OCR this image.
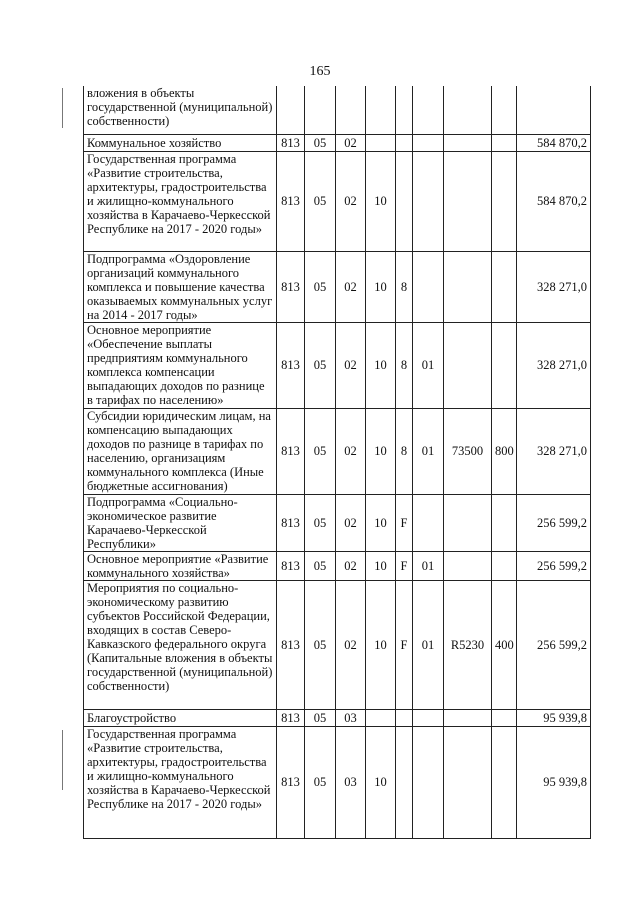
165
вложения в объекты государственной (муниципальной) собственности)									
Коммунальное хозяйство	813	05	02						584 870,2
Государственная программа «Развитие строительства, архитектуры, градостроительства и жилищно-коммунального хозяйства в Карачаево-Черкесской Республике на 2017 - 2020 годы»	813	05	02	10					584 870,2
Подпрограмма «Оздоровление организаций коммунального комплекса и повышение качества оказываемых коммунальных услуг на 2014 - 2017 годы»	813	05	02	10	8				328 271,0
Основное мероприятие «Обеспечение выплаты предприятиям коммунального комплекса компенсации выпадающих доходов по разнице в тарифах по населению»	813	05	02	10	8	01			328 271,0
Субсидии юридическим лицам, на компенсацию выпадающих доходов по разнице в тарифах по населению, организациям коммунального комплекса (Иные бюджетные ассигнования)	813	05	02	10	8	01	73500	800	328 271,0
Подпрограмма «Социально-экономическое развитие Карачаево-Черкесской Республики»	813	05	02	10	F				256 599,2
Основное мероприятие «Развитие коммунального хозяйства»	813	05	02	10	F	01			256 599,2
Мероприятия по социально-экономическому развитию субъектов Российской Федерации, входящих в состав Северо-Кавказского федерального округа (Капитальные вложения в объекты государственной (муниципальной) собственности)	813	05	02	10	F	01	R5230	400	256 599,2
Благоустройство	813	05	03						95 939,8
Государственная программа «Развитие строительства, архитектуры, градостроительства и жилищно-коммунального хозяйства в Карачаево-Черкесской Республике на 2017 - 2020 годы»	813	05	03	10					95 939,8
